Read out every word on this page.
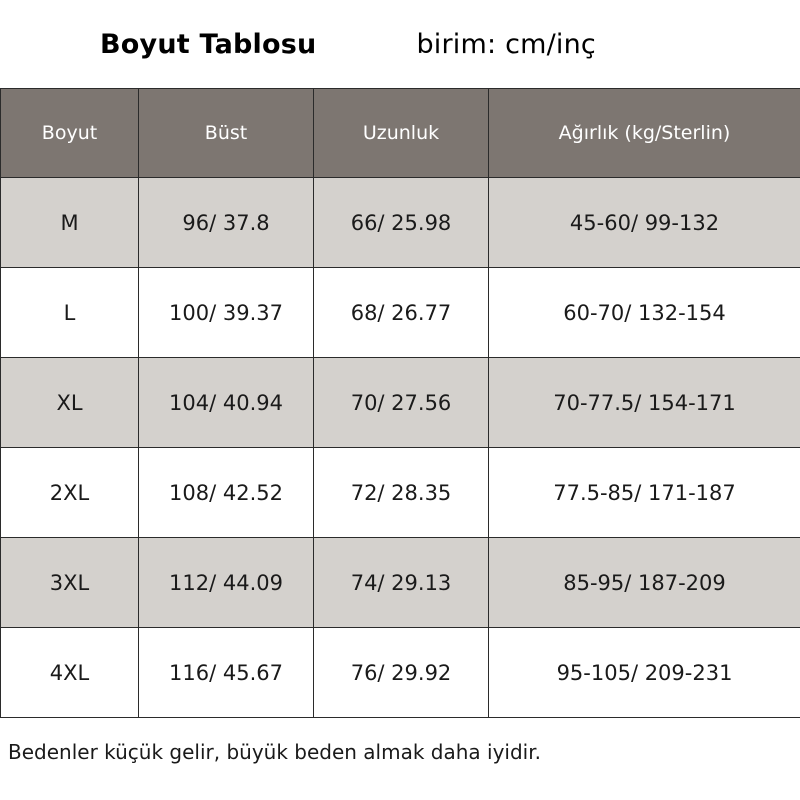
Boyut Tablosu	birim: cm/inç
Boyut	Büst	Uzunluk	Ağırlık (kg/Sterlin)
M	96/ 37.8	66/ 25.98	45-60/ 99-132
L	100/ 39.37	68/ 26.77	60-70/ 132-154
XL	104/ 40.94	70/ 27.56	70-77.5/ 154-171
2XL	108/ 42.52	72/ 28.35	77.5-85/ 171-187
3XL	112/ 44.09	74/ 29.13	85-95/ 187-209
4XL	116/ 45.67	76/ 29.92	95-105/ 209-231
Bedenler küçük gelir, büyük beden almak daha iyidir.
